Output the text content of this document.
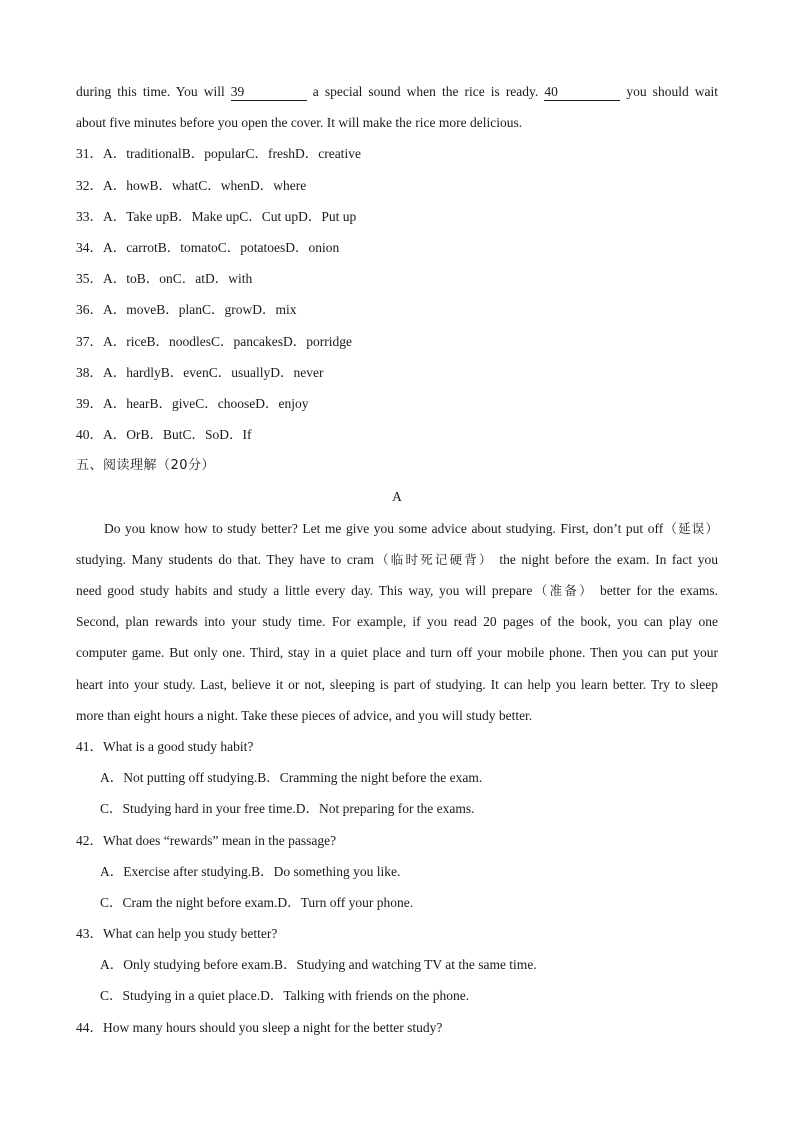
during this time. You will 39	a special sound when the rice is ready. 40	you should wait
about five minutes before you open the cover. It will make the rice more delicious.
31．A．traditionalB．popularC．freshD．creative
32．A．howB．whatC．whenD．where
33．A．Take upB．Make upC．Cut upD．Put up
34．A．carrotB．tomatoC．potatoesD．onion
35．A．toB．onC．atD．with
36．A．moveB．planC．growD．mix
37．A．riceB．noodlesC．pancakesD．porridge
38．A．hardlyB．evenC．usuallyD．never
39．A．hearB．giveC．chooseD．enjoy
40．A．OrB．ButC．SoD．If
五、阅读理解（20分）
A
Do you know how to study better? Let me give you some advice about studying. First, don’t put off（延误）
studying. Many students do that. They have to cram（临时死记硬背） the night before the exam. In fact you
need good study habits and study a little every day. This way, you will prepare（准备） better for the exams.
Second, plan rewards into your study time. For example, if you read 20 pages of the book, you can play one
computer game. But only one. Third, stay in a quiet place and turn off your mobile phone. Then you can put your
heart into your study. Last, believe it or not, sleeping is part of studying. It can help you learn better. Try to sleep
more than eight hours a night. Take these pieces of advice, and you will study better.
41．What is a good study habit?
A．Not putting off studying.B．Cramming the night before the exam.
C．Studying hard in your free time.D．Not preparing for the exams.
42．What does “rewards” mean in the passage?
A．Exercise after studying.B．Do something you like.
C．Cram the night before exam.D．Turn off your phone.
43．What can help you study better?
A．Only studying before exam.B．Studying and watching TV at the same time.
C．Studying in a quiet place.D．Talking with friends on the phone.
44．How many hours should you sleep a night for the better study?
